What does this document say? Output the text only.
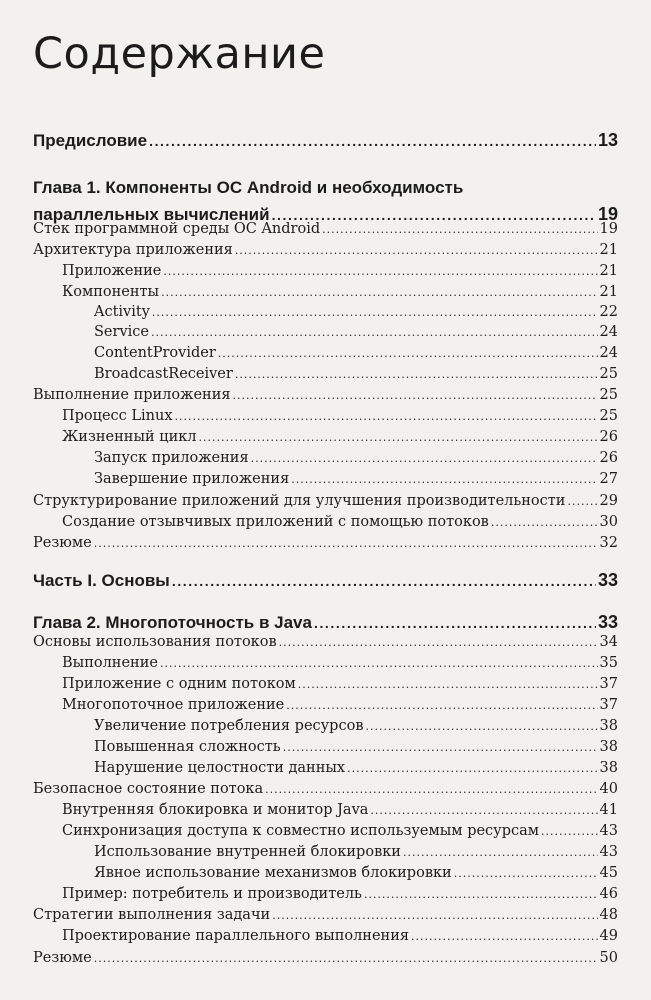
Содержание
Предисловие .....	13
Глава 1. Компоненты ОС Android и необходимость
параллельных вычислений .....	19
Стек программной среды ОС Android .....	19
Архитектура приложения .....	21
Приложение .....	21
Компоненты .....	21
Activity .....	22
Service .....	24
ContentProvider .....	24
BroadcastReceiver .....	25
Выполнение приложения .....	25
Процесс Linux .....	25
Жизненный цикл .....	26
Запуск приложения .....	26
Завершение приложения .....	27
Структурирование приложений для улучшения производительности ..... 29
Создание отзывчивых приложений с помощью потоков .....	30
Резюме .....	32
Часть I. Основы .....	33
Глава 2. Многопоточность в Java .....	33
Основы использования потоков .....	34
Выполнение .....	35
Приложение с одним потоком .....	37
Многопоточное приложение .....	37
Увеличение потребления ресурсов .....	38
Повышенная сложность .....	38
Нарушение целостности данных .....	38
Безопасное состояние потока .....	40
Внутренняя блокировка и монитор Java .....	41
Синхронизация доступа к совместно используемым ресурсам .....	43
Использование внутренней блокировки .....	43
Явное использование механизмов блокировки .....	45
Пример: потребитель и производитель .....	46
Стратегии выполнения задачи .....	48
Проектирование параллельного выполнения .....	49
Резюме .....	50
